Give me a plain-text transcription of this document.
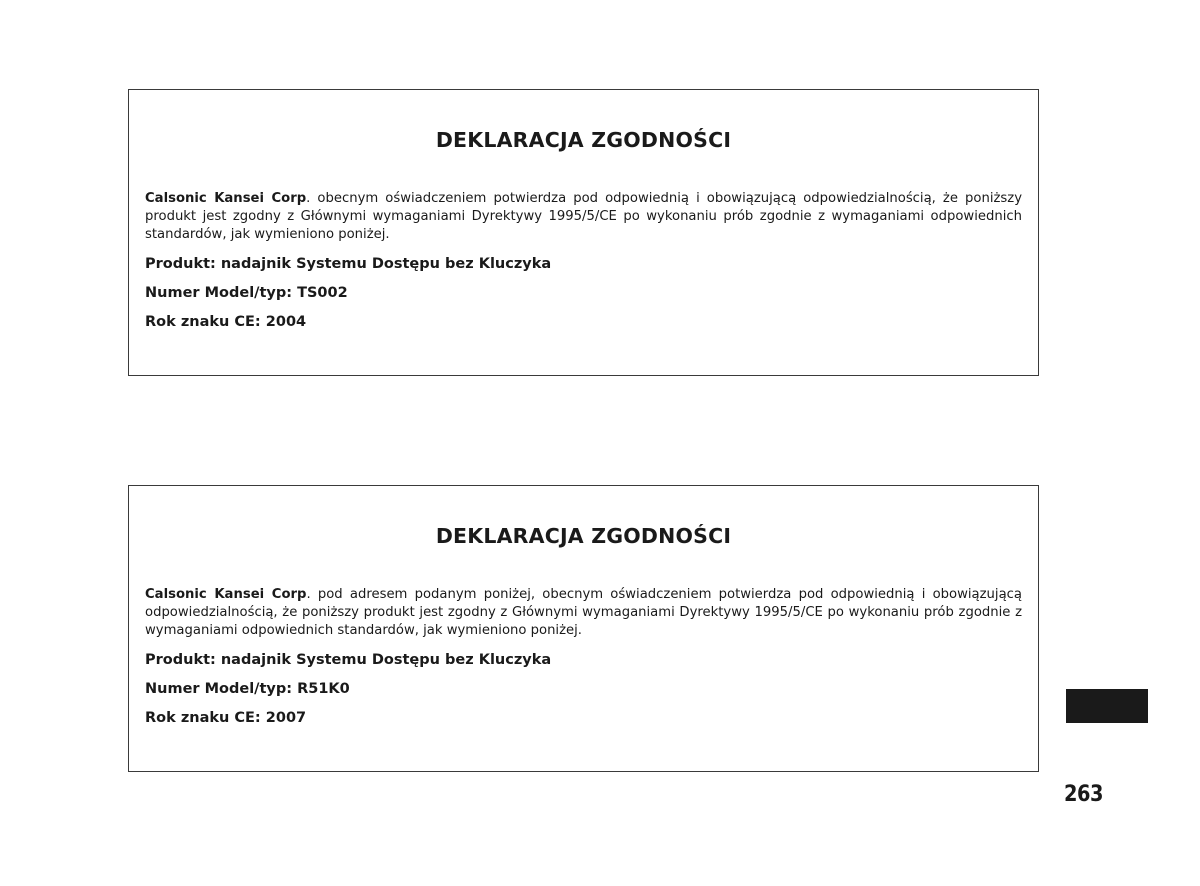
DEKLARACJA ZGODNOŚCI

Calsonic Kansei Corp. obecnym oświadczeniem potwierdza pod odpowiednią i obowiązującą odpowiedzialnością, że poniższy produkt jest zgodny z Głównymi wymaganiami Dyrektywy 1995/5/CE po wykonaniu prób zgodnie z wymaganiami odpowiednich standardów, jak wymieniono poniżej.

Produkt: nadajnik Systemu Dostępu bez Kluczyka

Numer Model/typ: TS002

Rok znaku CE: 2004

DEKLARACJA ZGODNOŚCI

Calsonic Kansei Corp. pod adresem podanym poniżej, obecnym oświadczeniem potwierdza pod odpowiednią i obowiązującą odpowiedzialnością, że poniższy produkt jest zgodny z Głównymi wymaganiami Dyrektywy 1995/5/CE po wykonaniu prób zgodnie z wymaganiami odpowiednich standardów, jak wymieniono poniżej.

Produkt: nadajnik Systemu Dostępu bez Kluczyka

Numer Model/typ: R51K0

Rok znaku CE: 2007

263
